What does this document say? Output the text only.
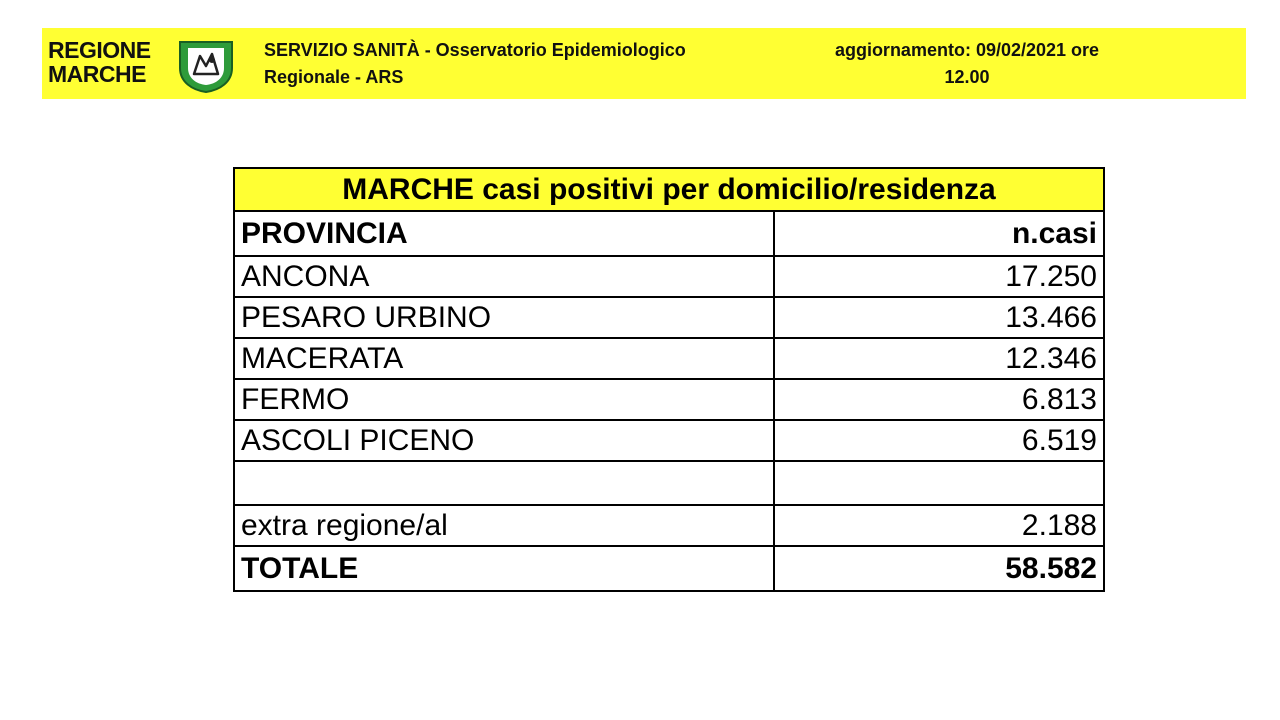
REGIONE
MARCHE
SERVIZIO SANITÀ - Osservatorio Epidemiologico
Regionale - ARS
aggiornamento: 09/02/2021 ore
12.00
MARCHE casi positivi per domicilio/residenza	
PROVINCIA	n.casi
ANCONA	17.250
PESARO URBINO	13.466
MACERATA	12.346
FERMO	6.813
ASCOLI PICENO	6.519

extra regione/al	2.188
TOTALE	58.582
